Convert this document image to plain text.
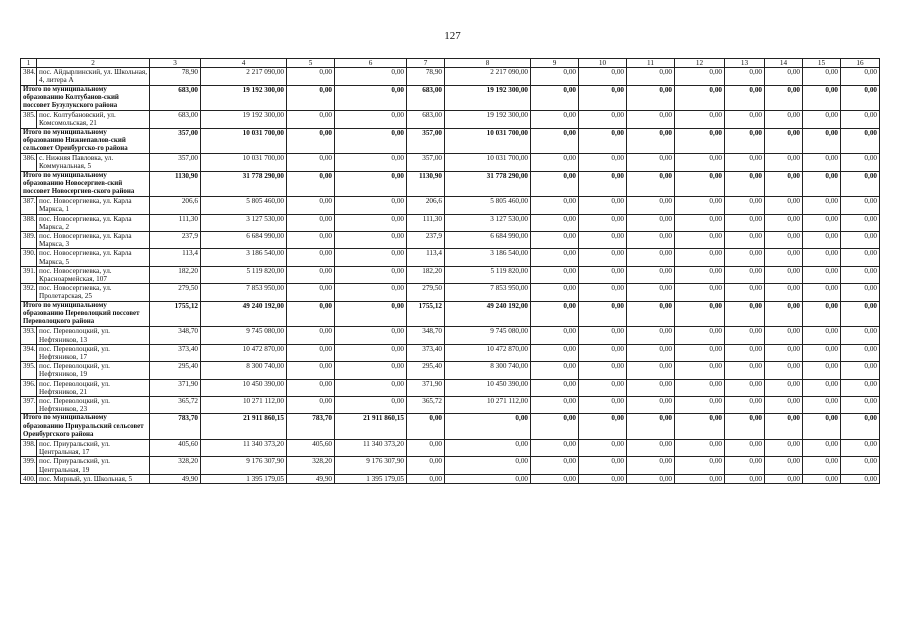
127
1	2	3	4	5	6	7	8	9	10	11	12	13	14	15	16
384.	пос. Айдырлинский, ул. Школьная, 4, литера А	78,90	2 217 090,00	0,00	0,00	78,90	2 217 090,00	0,00	0,00	0,00	0,00	0,00	0,00	0,00	0,00
Итого по муниципальному образованию Колтубанов-ский поссовет Бузулукского района		683,00	19 192 300,00	0,00	0,00	683,00	19 192 300,00	0,00	0,00	0,00	0,00	0,00	0,00	0,00	0,00
385.	пос. Колтубановский, ул. Комсомольская, 21	683,00	19 192 300,00	0,00	0,00	683,00	19 192 300,00	0,00	0,00	0,00	0,00	0,00	0,00	0,00	0,00
Итого по муниципальному образованию Нижнепавлов-ский сельсовет Оренбургско-го района		357,00	10 031 700,00	0,00	0,00	357,00	10 031 700,00	0,00	0,00	0,00	0,00	0,00	0,00	0,00	0,00
386.	с. Нижняя Павловка, ул. Коммунальная, 5	357,00	10 031 700,00	0,00	0,00	357,00	10 031 700,00	0,00	0,00	0,00	0,00	0,00	0,00	0,00	0,00
Итого по муниципальному образованию Новосергиев-ский поссовет Новосергиев-ского района		1130,90	31 778 290,00	0,00	0,00	1130,90	31 778 290,00	0,00	0,00	0,00	0,00	0,00	0,00	0,00	0,00
387.	пос. Новосергиевка, ул. Карла Маркса, 1	206,6	5 805 460,00	0,00	0,00	206,6	5 805 460,00	0,00	0,00	0,00	0,00	0,00	0,00	0,00	0,00
388.	пос. Новосергиевка, ул. Карла Маркса, 2	111,30	3 127 530,00	0,00	0,00	111,30	3 127 530,00	0,00	0,00	0,00	0,00	0,00	0,00	0,00	0,00
389.	пос. Новосергиевка, ул. Карла Маркса, 3	237,9	6 684 990,00	0,00	0,00	237,9	6 684 990,00	0,00	0,00	0,00	0,00	0,00	0,00	0,00	0,00
390.	пос. Новосергиевка, ул. Карла Маркса, 5	113,4	3 186 540,00	0,00	0,00	113,4	3 186 540,00	0,00	0,00	0,00	0,00	0,00	0,00	0,00	0,00
391.	пос. Новосергиевка, ул. Красноармейская, 107	182,20	5 119 820,00	0,00	0,00	182,20	5 119 820,00	0,00	0,00	0,00	0,00	0,00	0,00	0,00	0,00
392.	пос. Новосергиевка, ул. Пролетарская, 25	279,50	7 853 950,00	0,00	0,00	279,50	7 853 950,00	0,00	0,00	0,00	0,00	0,00	0,00	0,00	0,00
Итого по муниципальному образованию Переволоцкий поссовет Переволоцкого района		1755,12	49 240 192,00	0,00	0,00	1755,12	49 240 192,00	0,00	0,00	0,00	0,00	0,00	0,00	0,00	0,00
393.	пос. Переволоцкий, ул. Нефтяников, 13	348,70	9 745 080,00	0,00	0,00	348,70	9 745 080,00	0,00	0,00	0,00	0,00	0,00	0,00	0,00	0,00
394.	пос. Переволоцкий, ул. Нефтяников, 17	373,40	10 472 870,00	0,00	0,00	373,40	10 472 870,00	0,00	0,00	0,00	0,00	0,00	0,00	0,00	0,00
395.	пос. Переволоцкий, ул. Нефтяников, 19	295,40	8 300 740,00	0,00	0,00	295,40	8 300 740,00	0,00	0,00	0,00	0,00	0,00	0,00	0,00	0,00
396.	пос. Переволоцкий, ул. Нефтяников, 21	371,90	10 450 390,00	0,00	0,00	371,90	10 450 390,00	0,00	0,00	0,00	0,00	0,00	0,00	0,00	0,00
397.	пос. Переволоцкий, ул. Нефтяников, 23	365,72	10 271 112,00	0,00	0,00	365,72	10 271 112,00	0,00	0,00	0,00	0,00	0,00	0,00	0,00	0,00
Итого по муниципальному образованию Приуральский сельсовет Оренбургского района		783,70	21 911 860,15	783,70	21 911 860,15	0,00	0,00	0,00	0,00	0,00	0,00	0,00	0,00	0,00	0,00
398.	пос. Приуральский, ул. Центральная, 17	405,60	11 340 373,20	405,60	11 340 373,20	0,00	0,00	0,00	0,00	0,00	0,00	0,00	0,00	0,00	0,00
399.	пос. Приуральский, ул. Центральная, 19	328,20	9 176 307,90	328,20	9 176 307,90	0,00	0,00	0,00	0,00	0,00	0,00	0,00	0,00	0,00	0,00
400.	пос. Мирный, ул. Школьная, 5	49,90	1 395 179,05	49,90	1 395 179,05	0,00	0,00	0,00	0,00	0,00	0,00	0,00	0,00	0,00	0,00
